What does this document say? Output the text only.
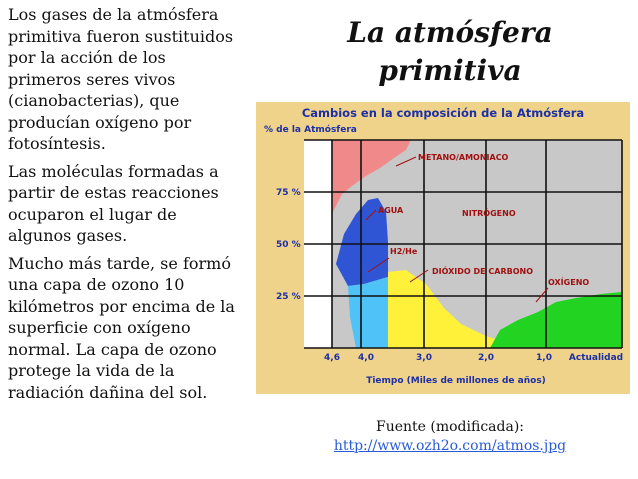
Los gases de la atmósfera primitiva fueron sustituidos por la acción de los primeros seres vivos (cianobacterias), que producían oxígeno por fotosíntesis.

Las moléculas formadas a partir de estas reacciones ocuparon el lugar de algunos gases.

Mucho más tarde, se formó una capa de ozono 10 kilómetros por encima de la superficie con oxígeno normal. La capa de ozono protege la vida de la radiación dañina del sol.

La atmósfera primitiva
Cambios en la composición de la Atmósfera
% de la Atmósfera
75 %
50 %
25 %
4,6 4,0	3,0	2,0	1,0 Actualidad
Tiempo (Miles de millones de años)
METANO/AMONIACO
AGUA	NITRÓGENO
H2/He
DIÓXIDO DE CARBONO
OXÍGENO
Fuente (modificada):
http://www.ozh2o.com/atmos.jpg
